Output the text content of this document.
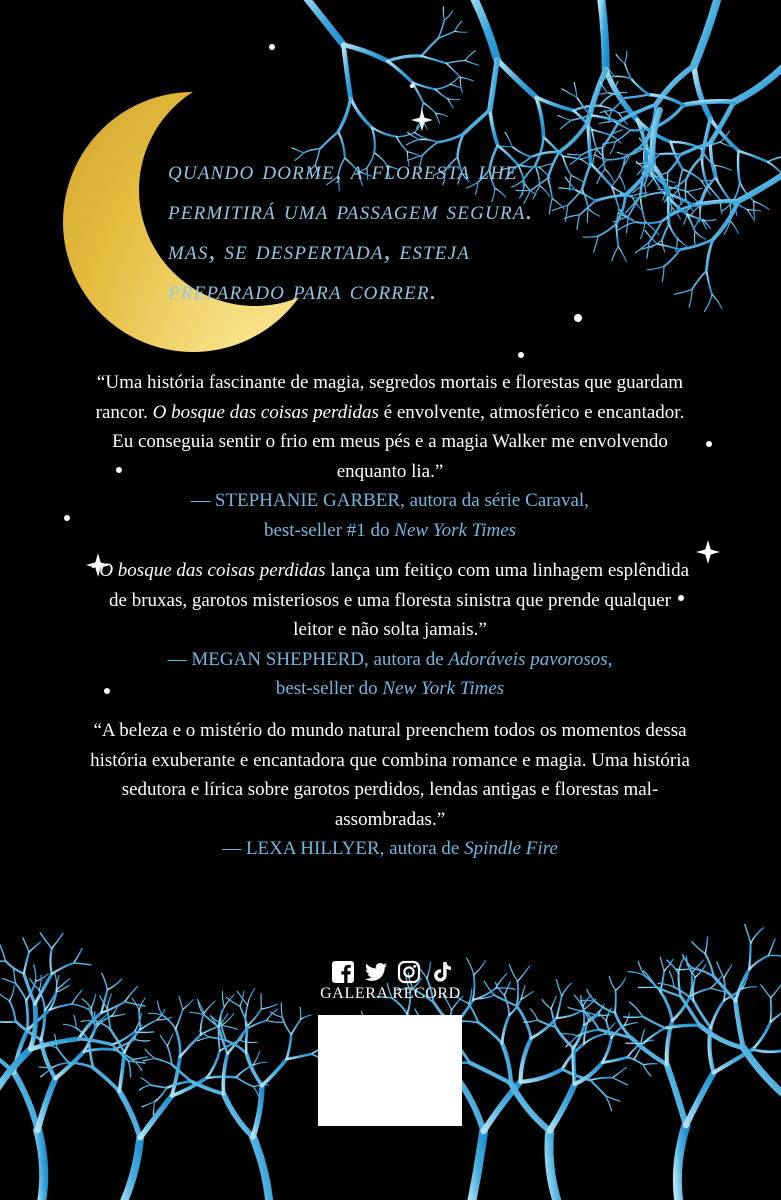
quando dorme, a floresta lhe
permitirá uma passagem segura.
mas, se despertada, esteja
preparado para correr.
“Uma história fascinante de magia, segredos mortais e florestas que guardam rancor. O bosque das coisas perdidas é envolvente, atmosférico e encantador. Eu conseguia sentir o frio em meus pés e a magia Walker me envolvendo enquanto lia.”
— STEPHANIE GARBER, autora da série Caraval,
best-seller #1 do New York Times
“O bosque das coisas perdidas lança um feitiço com uma linhagem esplêndida de bruxas, garotos misteriosos e uma floresta sinistra que prende qualquer leitor e não solta jamais.”
— MEGAN SHEPHERD, autora de Adoráveis pavorosos,
best-seller do New York Times
“A beleza e o mistério do mundo natural preenchem todos os momentos dessa história exuberante e encantadora que combina romance e magia. Uma história sedutora e lírica sobre garotos perdidos, lendas antigas e florestas mal-assombradas.”
— LEXA HILLYER, autora de Spindle Fire
GALERA RECORD
